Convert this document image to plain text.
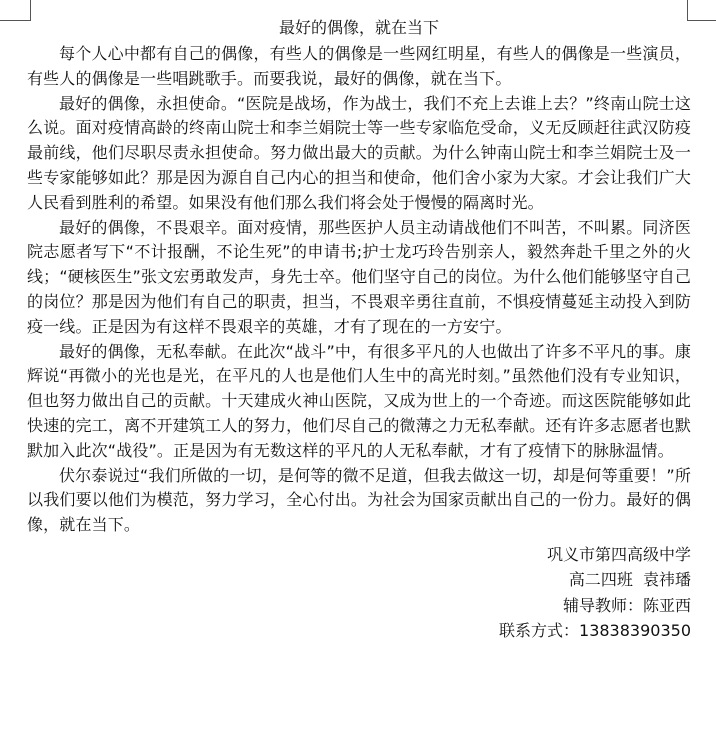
最好的偶像，就在当下

每个人心中都有自己的偶像，有些人的偶像是一些网红明星，有些人的偶像是一些演员，有些人的偶像是一些唱跳歌手。而要我说，最好的偶像，就在当下。

最好的偶像，永担使命。“医院是战场，作为战士，我们不充上去谁上去？”终南山院士这么说。面对疫情高龄的终南山院士和李兰娟院士等一些专家临危受命，义无反顾赶往武汉防疫最前线，他们尽职尽责永担使命。努力做出最大的贡献。为什么钟南山院士和李兰娟院士及一些专家能够如此？那是因为源自自己内心的担当和使命，他们舍小家为大家。才会让我们广大人民看到胜利的希望。如果没有他们那么我们将会处于慢慢的隔离时光。

最好的偶像，不畏艰辛。面对疫情，那些医护人员主动请战他们不叫苦，不叫累。同济医院志愿者写下“不计报酬，不论生死”的申请书;护士龙巧玲告别亲人，毅然奔赴千里之外的火线；“硬核医生”张文宏勇敢发声，身先士卒。他们坚守自己的岗位。为什么他们能够坚守自己的岗位？那是因为他们有自己的职责，担当，不畏艰辛勇往直前，不惧疫情蔓延主动投入到防疫一线。正是因为有这样不畏艰辛的英雄，才有了现在的一方安宁。

最好的偶像，无私奉献。在此次“战斗”中，有很多平凡的人也做出了许多不平凡的事。康辉说“再微小的光也是光，在平凡的人也是他们人生中的高光时刻。”虽然他们没有专业知识，但也努力做出自己的贡献。十天建成火神山医院，又成为世上的一个奇迹。而这医院能够如此快速的完工，离不开建筑工人的努力，他们尽自己的微薄之力无私奉献。还有许多志愿者也默默加入此次“战役”。正是因为有无数这样的平凡的人无私奉献，才有了疫情下的脉脉温情。

伏尔泰说过“我们所做的一切，是何等的微不足道，但我去做这一切，却是何等重要！”所以我们要以他们为模范，努力学习，全心付出。为社会为国家贡献出自己的一份力。最好的偶像，就在当下。

巩义市第四高级中学
高二四班  袁祎璠
辅导教师：陈亚西
联系方式：13838390350
